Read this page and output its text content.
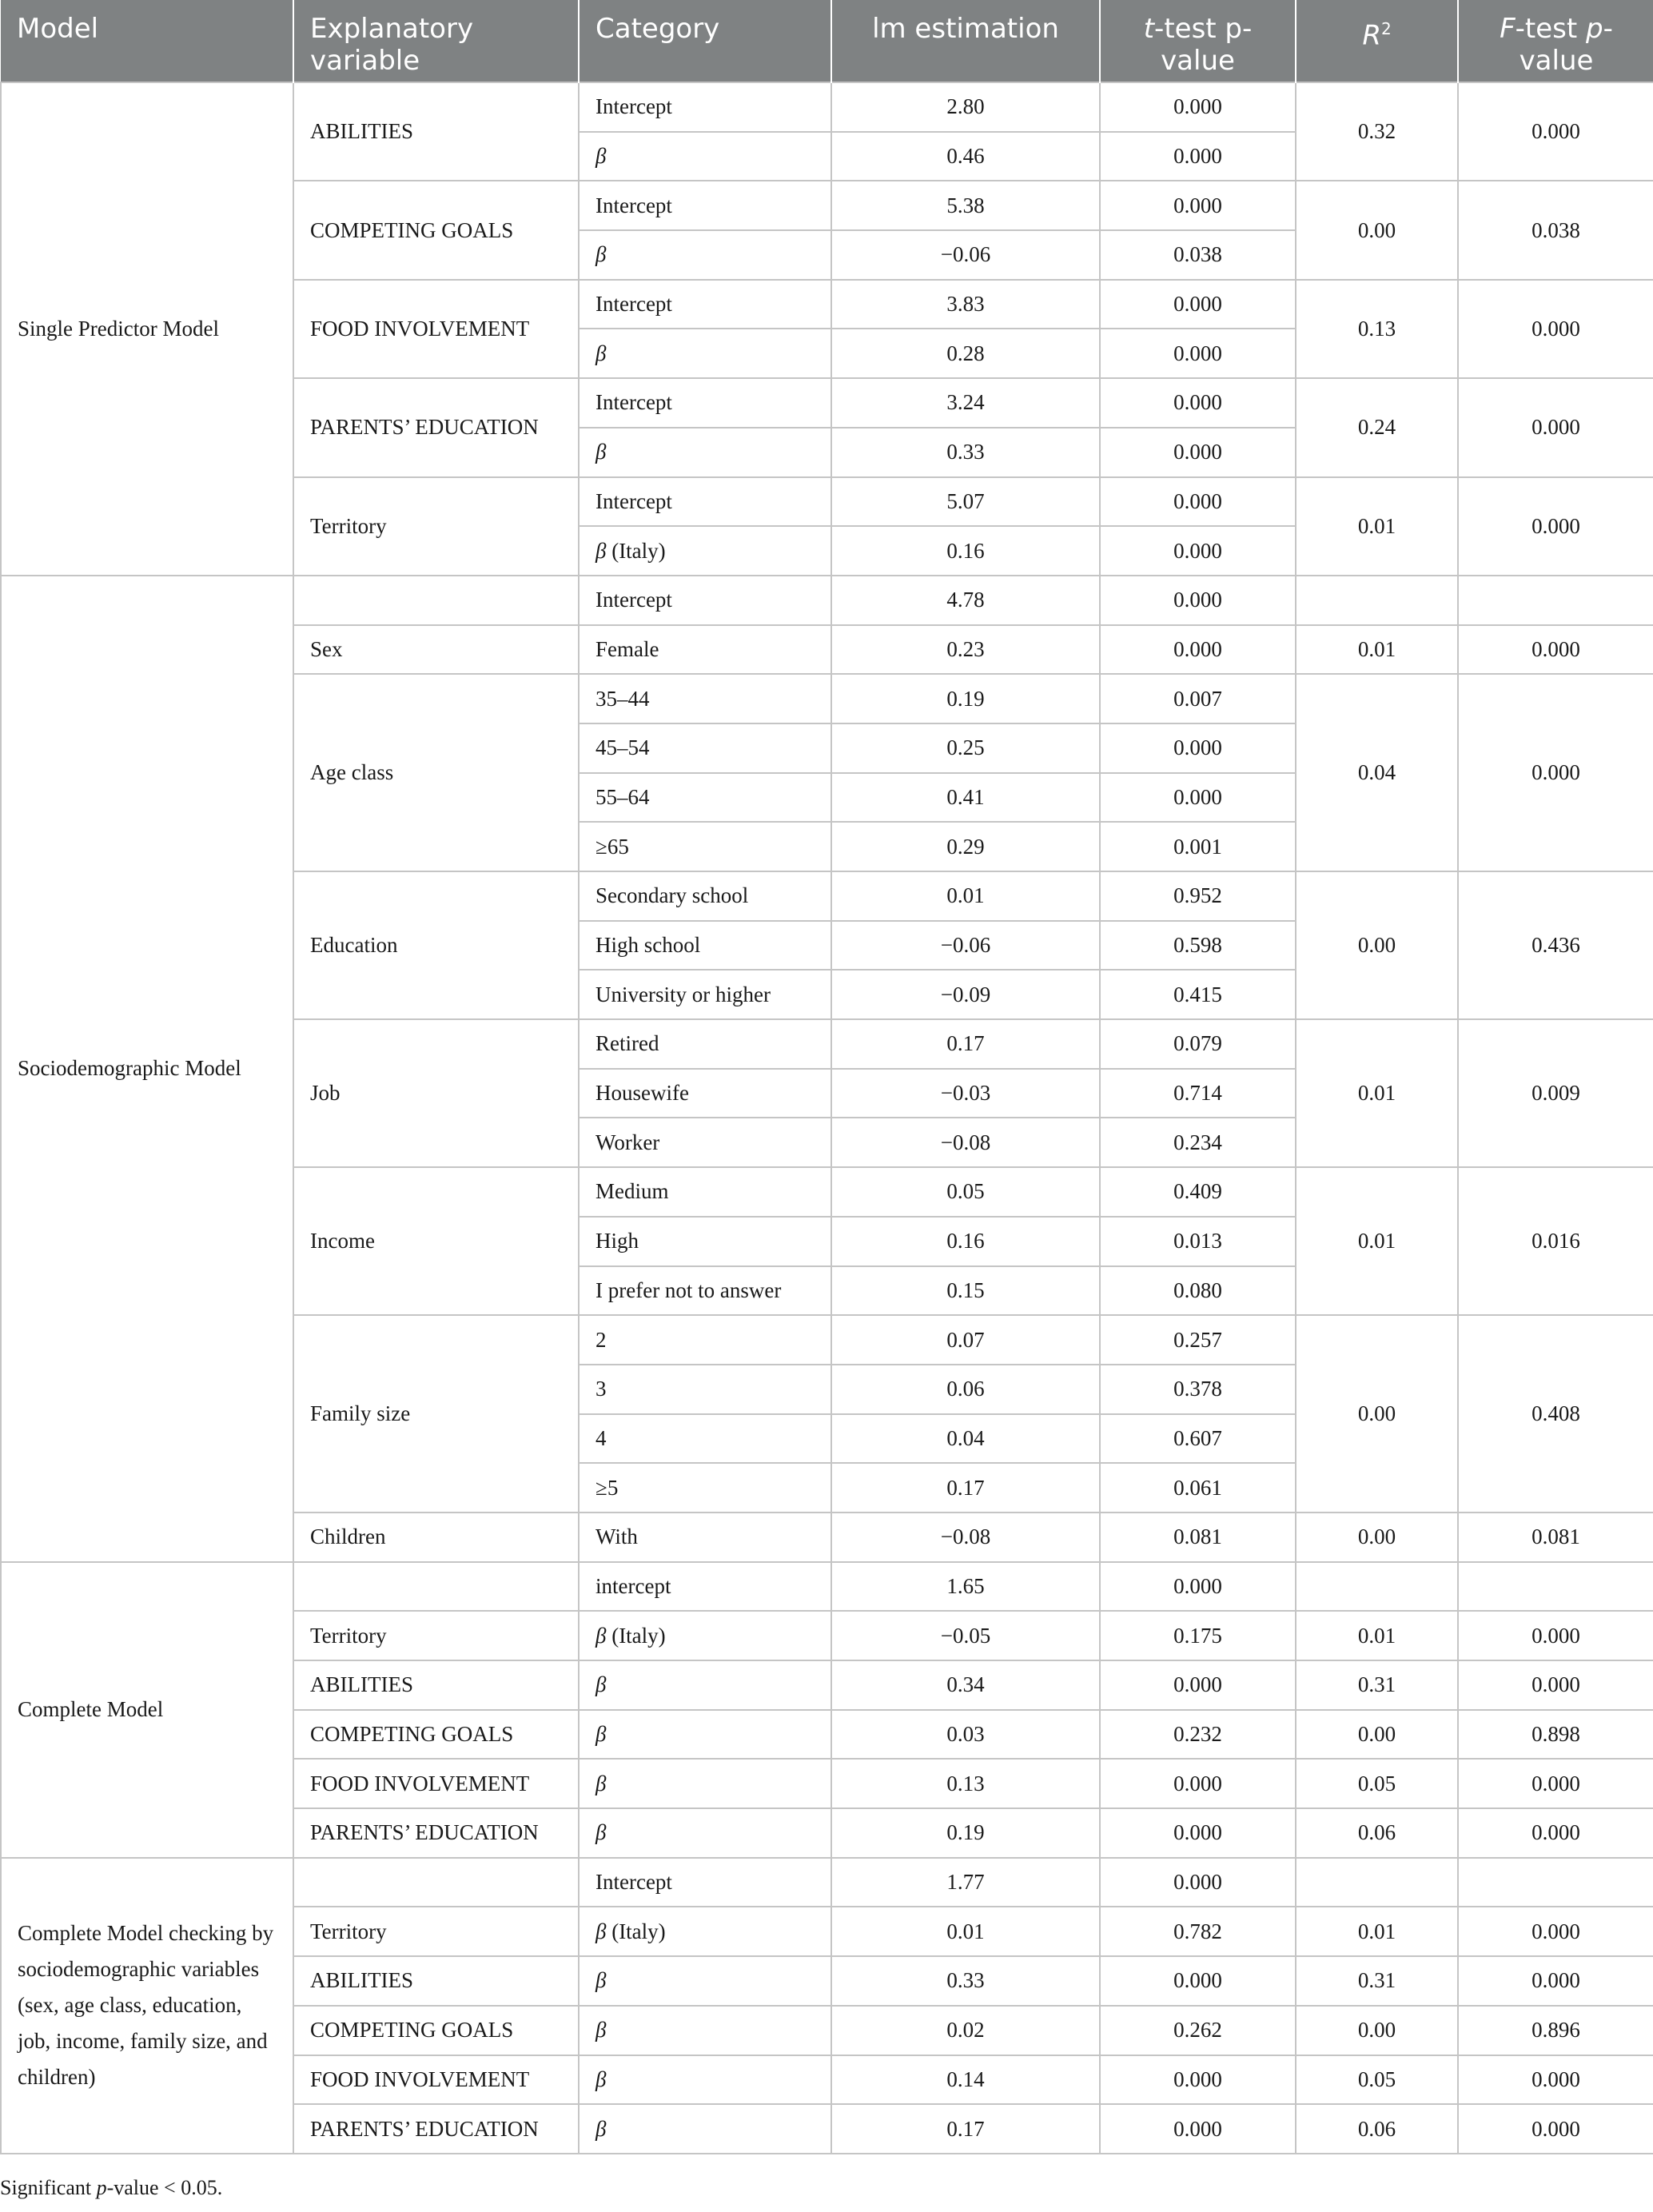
Model	Explanatory variable	Category	lm estimation	t-test p-value	$R^2$	F-test p-value
Single Predictor Model	ABILITIES	Intercept	2.80	0.000	0.32	0.000
		β	0.46	0.000		
	COMPETING GOALS	Intercept	5.38	0.000	0.00	0.038
		β	−0.06	0.038		
	FOOD INVOLVEMENT	Intercept	3.83	0.000	0.13	0.000
		β	0.28	0.000		
	PARENTS’ EDUCATION	Intercept	3.24	0.000	0.24	0.000
		β	0.33	0.000		
	Territory	Intercept	5.07	0.000	0.01	0.000
		β (Italy)	0.16	0.000		
Sociodemographic Model		Intercept	4.78	0.000		
	Sex	Female	0.23	0.000	0.01	0.000
	Age class	35–44	0.19	0.007	0.04	0.000
		45–54	0.25	0.000		
		55–64	0.41	0.000		
		≥65	0.29	0.001		
	Education	Secondary school	0.01	0.952	0.00	0.436
		High school	−0.06	0.598		
		University or higher	−0.09	0.415		
	Job	Retired	0.17	0.079	0.01	0.009
		Housewife	−0.03	0.714		
		Worker	−0.08	0.234		
	Income	Medium	0.05	0.409	0.01	0.016
		High	0.16	0.013		
		I prefer not to answer	0.15	0.080		
	Family size	2	0.07	0.257	0.00	0.408
		3	0.06	0.378		
		4	0.04	0.607		
		≥5	0.17	0.061		
	Children	With	−0.08	0.081	0.00	0.081
Complete Model		intercept	1.65	0.000		
	Territory	β (Italy)	−0.05	0.175	0.01	0.000
	ABILITIES	β	0.34	0.000	0.31	0.000
	COMPETING GOALS	β	0.03	0.232	0.00	0.898
	FOOD INVOLVEMENT	β	0.13	0.000	0.05	0.000
	PARENTS’ EDUCATION	β	0.19	0.000	0.06	0.000
Complete Model checking by sociodemographic variables (sex, age class, education, job, income, family size, and children)		Intercept	1.77	0.000		
	Territory	β (Italy)	0.01	0.782	0.01	0.000
	ABILITIES	β	0.33	0.000	0.31	0.000
	COMPETING GOALS	β	0.02	0.262	0.00	0.896
	FOOD INVOLVEMENT	β	0.14	0.000	0.05	0.000
	PARENTS’ EDUCATION	β	0.17	0.000	0.06	0.000
Significant p-value < 0.05.
